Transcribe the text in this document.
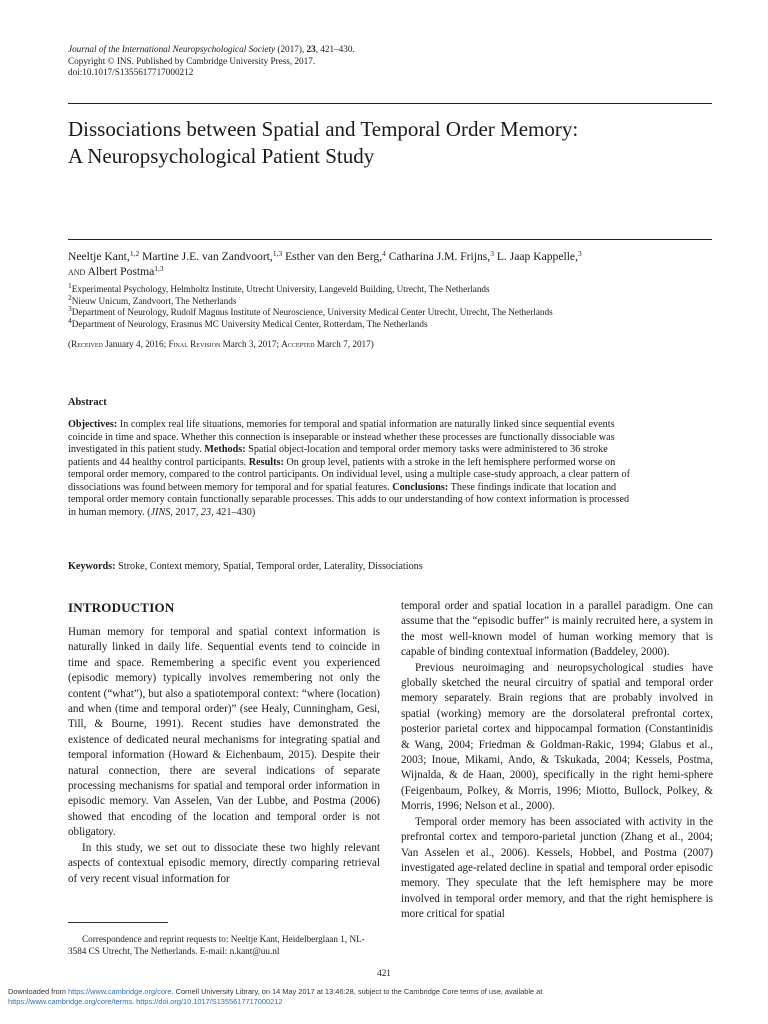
Journal of the International Neuropsychological Society (2017), 23, 421–430.
Copyright © INS. Published by Cambridge University Press, 2017.
doi:10.1017/S1355617717000212
Dissociations between Spatial and Temporal Order Memory:
A Neuropsychological Patient Study
Neeltje Kant,$^{1,2}$ Martine J.E. van Zandvoort,$^{1,3}$ Esther van den Berg,$^4$ Catharina J.M. Frijns,$^3$ L. Jaap Kappelle,$^3$
and Albert Postma$^{1,3}$
$^1$Experimental Psychology, Helmholtz Institute, Utrecht University, Langeveld Building, Utrecht, The Netherlands
$^2$Nieuw Unicum, Zandvoort, The Netherlands
$^3$Department of Neurology, Rudolf Magnus Institute of Neuroscience, University Medical Center Utrecht, Utrecht, The Netherlands
$^4$Department of Neurology, Erasmus MC University Medical Center, Rotterdam, The Netherlands
(Received January 4, 2016; Final Revision March 3, 2017; Accepted March 7, 2017)
Abstract
Objectives: In complex real life situations, memories for temporal and spatial information are naturally linked since sequential events coincide in time and space. Whether this connection is inseparable or instead whether these processes are functionally dissociable was investigated in this patient study. Methods: Spatial object-location and temporal order memory tasks were administered to 36 stroke patients and 44 healthy control participants. Results: On group level, patients with a stroke in the left hemisphere performed worse on temporal order memory, compared to the control participants. On individual level, using a multiple case-study approach, a clear pattern of dissociations was found between memory for temporal and for spatial features. Conclusions: These findings indicate that location and temporal order memory contain functionally separable processes. This adds to our understanding of how context information is processed in human memory. (JINS, 2017, 23, 421–430)
Keywords: Stroke, Context memory, Spatial, Temporal order, Laterality, Dissociations
INTRODUCTION

Human memory for temporal and spatial context information is naturally linked in daily life. Sequential events tend to coincide in time and space. Remembering a specific event you experienced (episodic memory) typically involves remembering not only the content (“what”), but also a spatiotemporal context: “where (location) and when (time and temporal order)” (see Healy, Cunningham, Gesi, Till, & Bourne, 1991). Recent studies have demonstrated the existence of dedicated neural mechanisms for integrating spatial and temporal information (Howard & Eichenbaum, 2015). Despite their natural connection, there are several indications of separate processing mechanisms for spatial and temporal order information in episodic memory. Van Asselen, Van der Lubbe, and Postma (2006) showed that encoding of the location and temporal order is not obligatory.

In this study, we set out to dissociate these two highly relevant aspects of contextual episodic memory, directly comparing retrieval of very recent visual information for

temporal order and spatial location in a parallel paradigm. One can assume that the “episodic buffer” is mainly recruited here, a system in the most well-known model of human working memory that is capable of binding contextual information (Baddeley, 2000).

Previous neuroimaging and neuropsychological studies have globally sketched the neural circuitry of spatial and temporal order memory separately. Brain regions that are probably involved in spatial (working) memory are the dorsolateral prefrontal cortex, posterior parietal cortex and hippocampal formation (Constantinidis & Wang, 2004; Friedman & Goldman-Rakic, 1994; Glabus et al., 2003; Inoue, Mikami, Ando, & Tskukada, 2004; Kessels, Postma, Wijnalda, & de Haan, 2000), specifically in the right hemi-sphere (Feigenbaum, Polkey, & Morris, 1996; Miotto, Bullock, Polkey, & Morris, 1996; Nelson et al., 2000).

Temporal order memory has been associated with activity in the prefrontal cortex and temporo-parietal junction (Zhang et al., 2004; Van Asselen et al., 2006). Kessels, Hobbel, and Postma (2007) investigated age-related decline in spatial and temporal order episodic memory. They speculate that the left hemisphere may be more involved in temporal order memory, and that the right hemisphere is more critical for spatial

Correspondence and reprint requests to: Neeltje Kant, Heidelberglaan 1, NL-3584 CS Utrecht, The Netherlands. E-mail: n.kant@uu.nl
421
Downloaded from https://www.cambridge.org/core. Cornell University Library, on 14 May 2017 at 13:46:28, subject to the Cambridge Core terms of use, available at
https://www.cambridge.org/core/terms. https://doi.org/10.1017/S1355617717000212
